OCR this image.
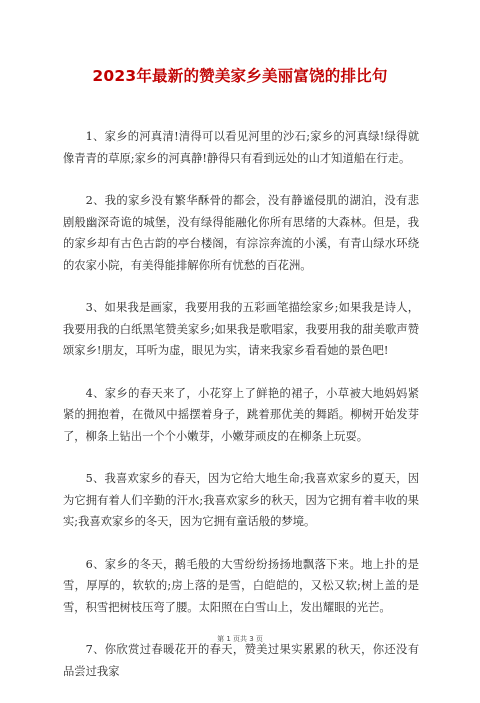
2023年最新的赞美家乡美丽富饶的排比句

1、家乡的河真清!清得可以看见河里的沙石;家乡的河真绿!绿得就像青青的草原;家乡的河真静!静得只有看到远处的山才知道船在行走。

2、我的家乡没有繁华酥骨的都会，没有静谧侵肌的湖泊，没有悲剧般幽深奇诡的城堡，没有绿得能融化你所有思绪的大森林。但是，我的家乡却有古色古韵的亭台楼阁，有淙淙奔流的小溪，有青山绿水环绕的农家小院，有美得能排解你所有忧愁的百花洲。

3、如果我是画家，我要用我的五彩画笔描绘家乡;如果我是诗人，我要用我的白纸黑笔赞美家乡;如果我是歌唱家，我要用我的甜美歌声赞颂家乡!朋友，耳听为虚，眼见为实，请来我家乡看看她的景色吧!

4、家乡的春天来了，小花穿上了鲜艳的裙子，小草被大地妈妈紧紧的拥抱着，在微风中摇摆着身子，跳着那优美的舞蹈。柳树开始发芽了，柳条上钻出一个个小嫩芽，小嫩芽顽皮的在柳条上玩耍。

5、我喜欢家乡的春天，因为它给大地生命;我喜欢家乡的夏天，因为它拥有着人们辛勤的汗水;我喜欢家乡的秋天，因为它拥有着丰收的果实;我喜欢家乡的冬天，因为它拥有童话般的梦境。

6、家乡的冬天，鹅毛般的大雪纷纷扬扬地飘落下来。地上扑的是雪，厚厚的，软软的;房上落的是雪，白皑皑的，又松又软;树上盖的是雪，积雪把树枝压弯了腰。太阳照在白雪山上，发出耀眼的光芒。

7、你欣赏过春暖花开的春天，赞美过果实累累的秋天，你还没有品尝过我家

第 1 页共 3 页
